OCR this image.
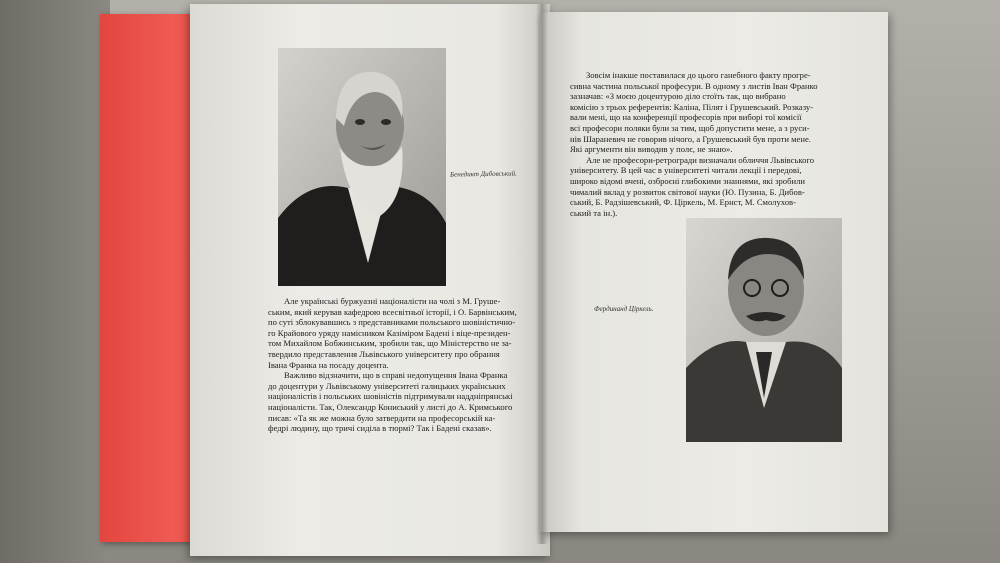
Бенедикт Дибовський.

Але українські буржуазні націоналісти на чолі з М. Груше-

ським, який керував кафедрою всесвітньої історії, і О. Барвінським,

по суті зблокувавшись з представниками польського шовіністично-

го Крайового уряду намісником Казіміром Бадені і віце-президен-

том Михайлом Бобжинським, зробили так, що Міністерство не за-

твердило представлення Львівського університету про обрання

Івана Франка на посаду доцента.

Важливо відзначити, що в справі недопущення Івана Франка

до доцентури у Львівському університеті галицьких українських

націоналістів і польських шовіністів підтримували наддніпрянські

націоналісти. Так, Олександр Кониський у листі до А. Кримського

писав: «Та як же можна було затвердити на професорській ка-

федрі людину, що тричі сиділа в тюрмі? Так і Бадені сказав».

Зовсім інакше поставилася до цього ганебного факту прогре-

сивна частина польської професури. В одному з листів Іван Франко

зазначав: «З моєю доцентурою діло стоїть так, що вибрано

комісію з трьох референтів: Каліна, Пілят і Грушевський. Розказу-

вали мені, що на конференції професорів при виборі тої комісії

всі професори поляки були за тим, щоб допустити мене, а з руси-

нів Шараневич не говорив нічого, а Грушевський був проти мене.

Які аргументи він виводив у полє, не знаю».

Але не професори-ретрогради визначали обличчя Львівського

університету. В цей час в університеті читали лекції і передові,

широко відомі вчені, озброєні глибокими знаннями, які зробили

чималий вклад у розвиток світової науки (Ю. Пузина, Б. Дибов-

ський, Б. Радзішевський, Ф. Ціркель, М. Ернст, М. Смолухов-

ський та ін.).

Фердинанд Ціркель.
